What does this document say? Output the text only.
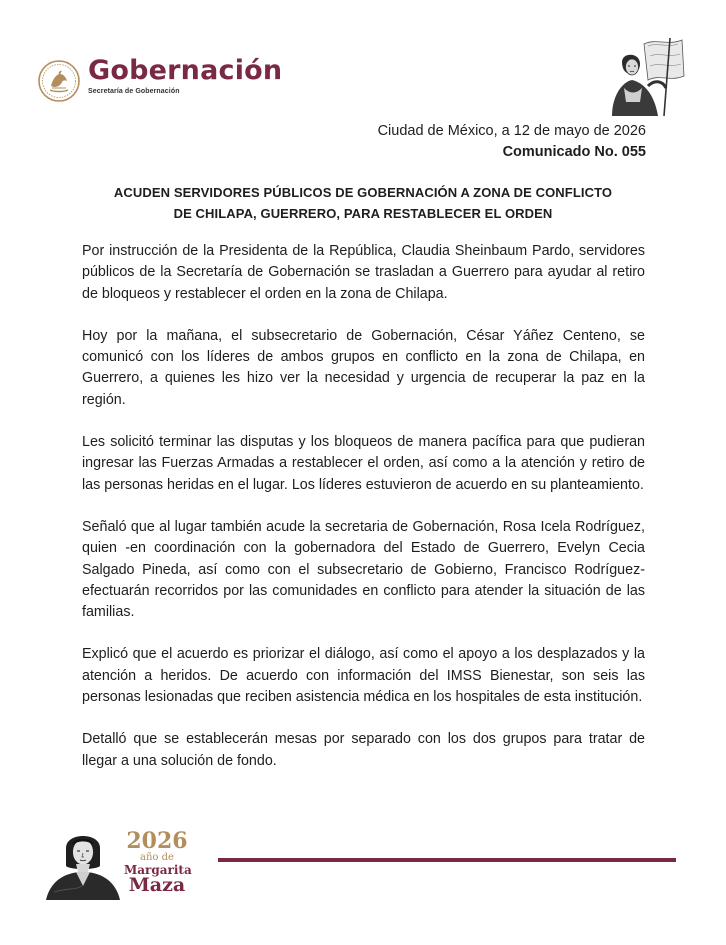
Gobernación
Secretaría de Gobernación
Ciudad de México, a 12 de mayo de 2026
Comunicado No. 055
ACUDEN SERVIDORES PÚBLICOS DE GOBERNACIÓN A ZONA DE CONFLICTO
DE CHILAPA, GUERRERO, PARA RESTABLECER EL ORDEN

Por instrucción de la Presidenta de la República, Claudia Sheinbaum Pardo, servidores públicos de la Secretaría de Gobernación se trasladan a Guerrero para ayudar al retiro de bloqueos y restablecer el orden en la zona de Chilapa.

Hoy por la mañana, el subsecretario de Gobernación, César Yáñez Centeno, se comunicó con los líderes de ambos grupos en conflicto en la zona de Chilapa, en Guerrero, a quienes les hizo ver la necesidad y urgencia de recuperar la paz en la región.

Les solicitó terminar las disputas y los bloqueos de manera pacífica para que pudieran ingresar las Fuerzas Armadas a restablecer el orden, así como a la atención y retiro de las personas heridas en el lugar. Los líderes estuvieron de acuerdo en su planteamiento.

Señaló que al lugar también acude la secretaria de Gobernación, Rosa Icela Rodríguez, quien -en coordinación con la gobernadora del Estado de Guerrero, Evelyn Cecia Salgado Pineda, así como con el subsecretario de Gobierno, Francisco Rodríguez- efectuarán recorridos por las comunidades en conflicto para atender la situación de las familias.

Explicó que el acuerdo es priorizar el diálogo, así como el apoyo a los desplazados y la atención a heridos. De acuerdo con información del IMSS Bienestar, son seis las personas lesionadas que reciben asistencia médica en los hospitales de esta institución.

Detalló que se establecerán mesas por separado con los dos grupos para tratar de llegar a una solución de fondo.

2026
año de
Margarita
Maza
